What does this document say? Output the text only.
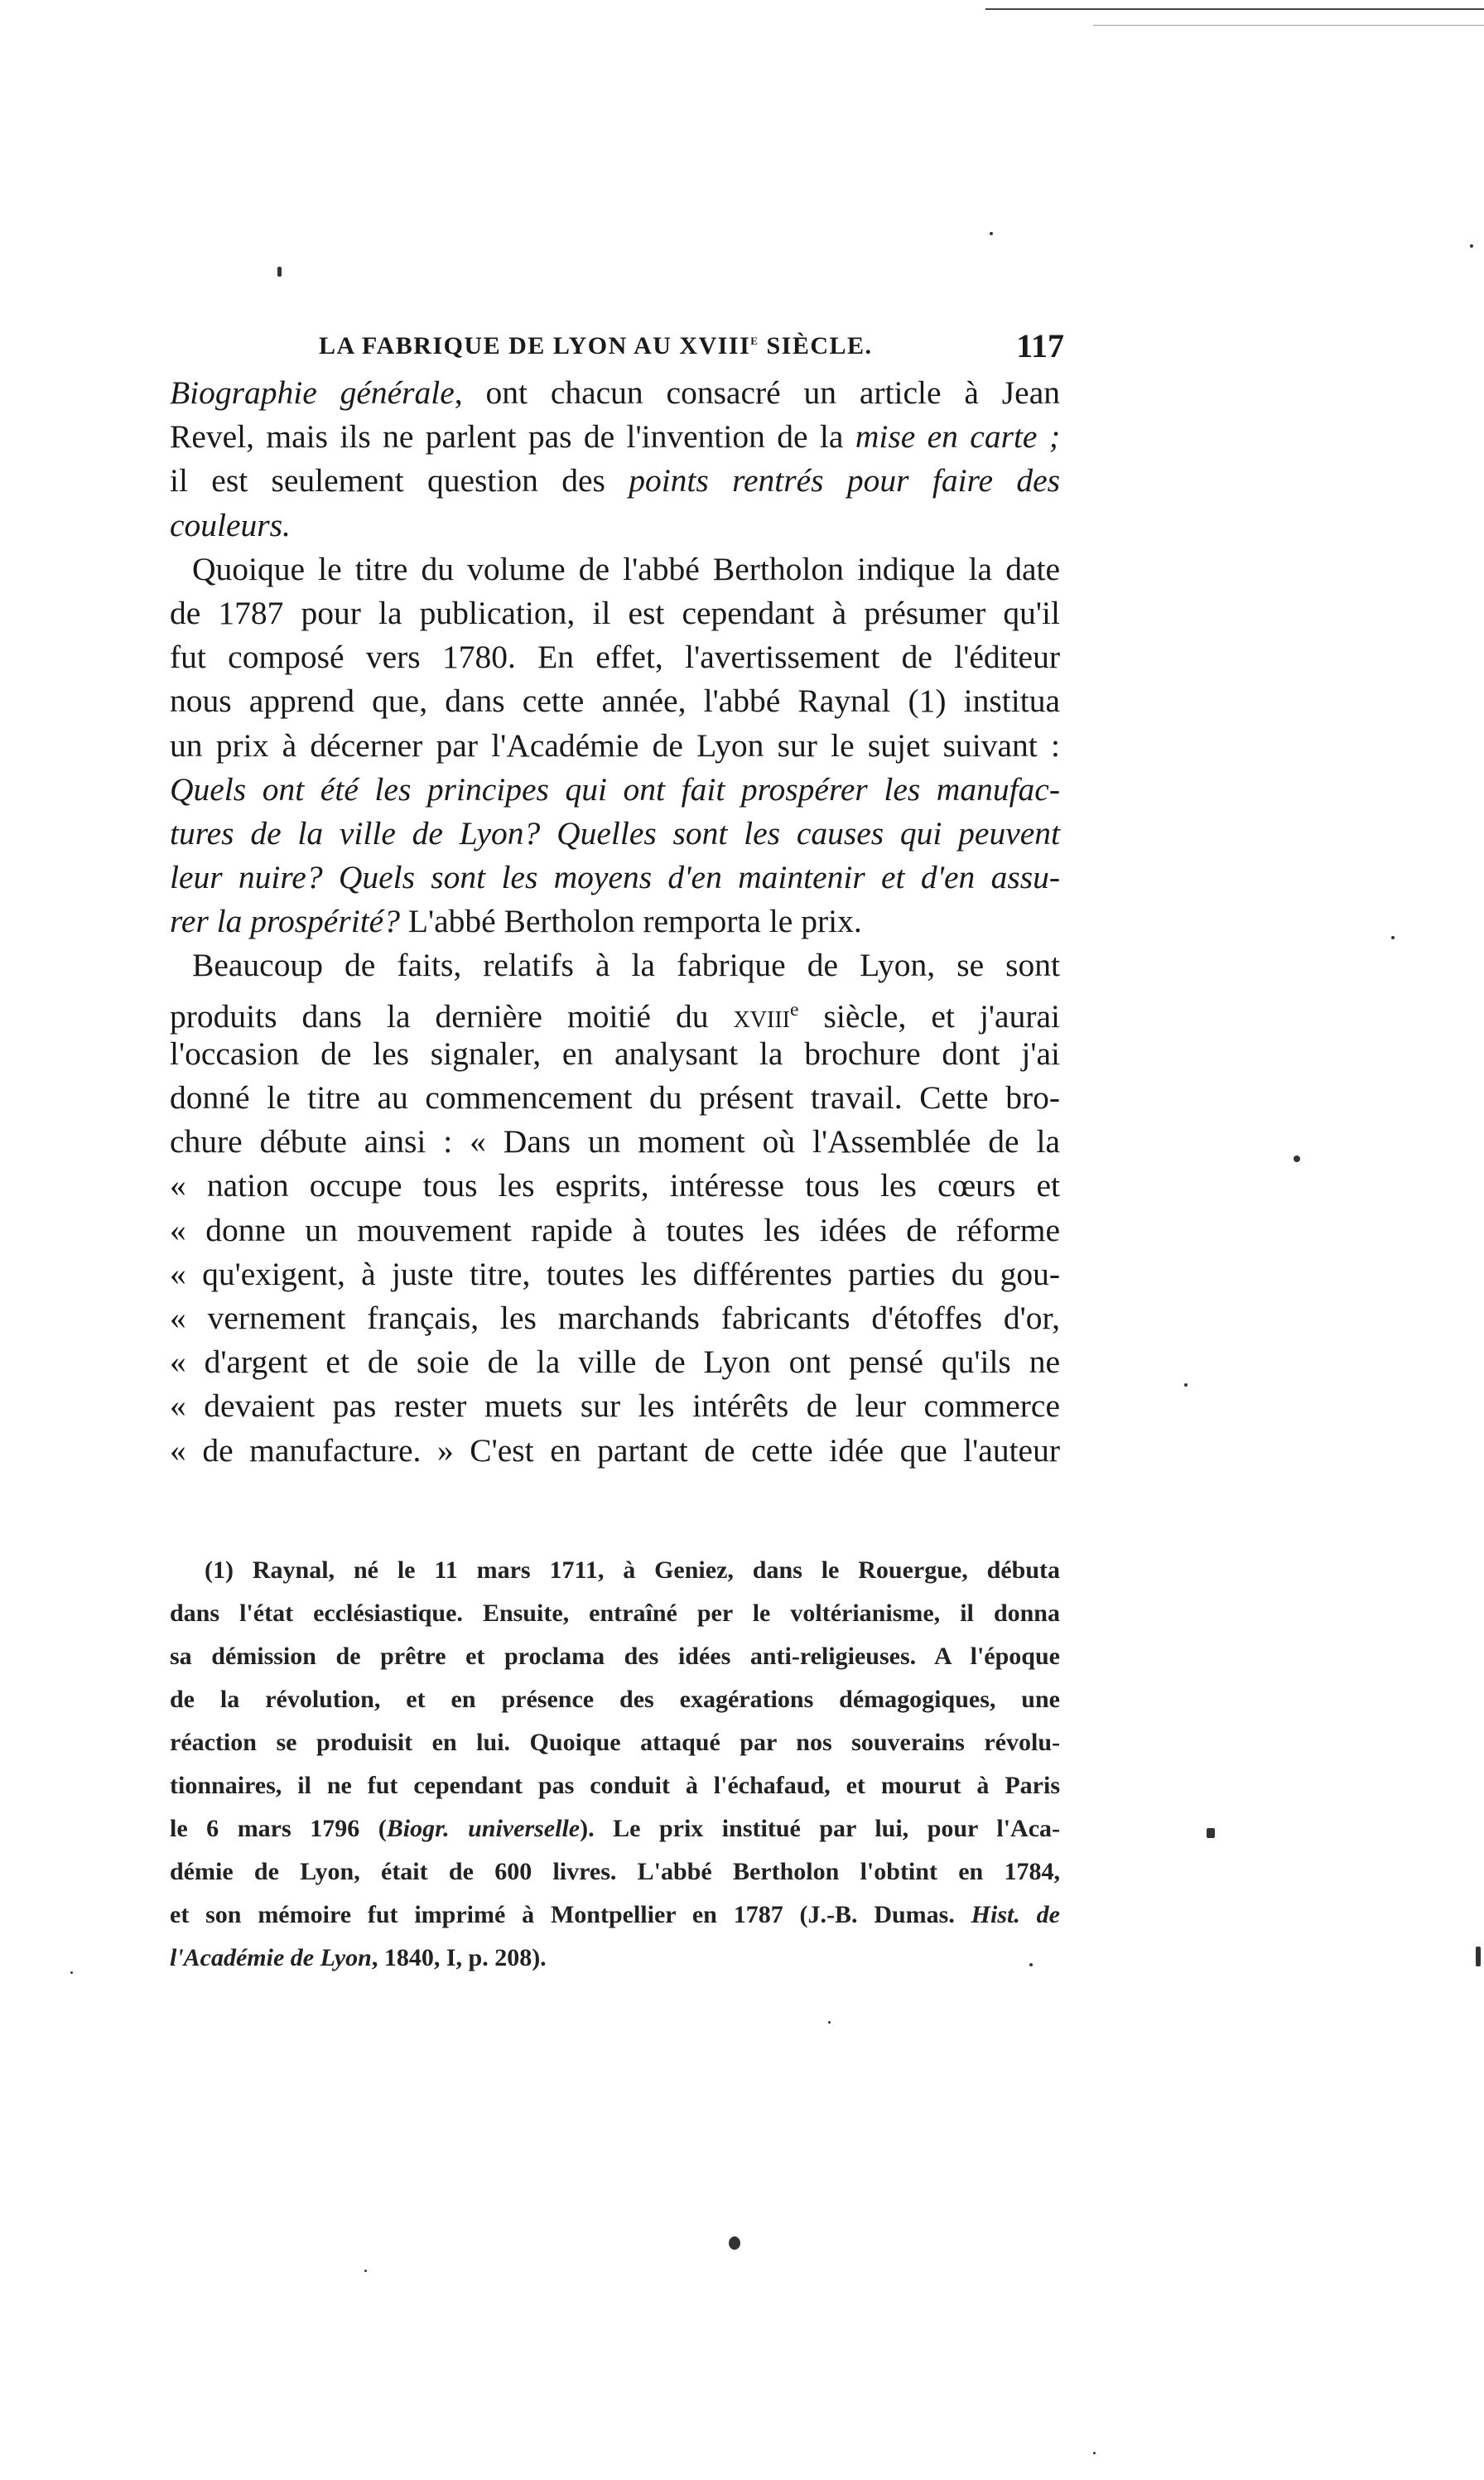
LA FABRIQUE DE LYON AU XVIIIe SIÈCLE.	117
Biographie générale, ont chacun consacré un article à Jean
Revel, mais ils ne parlent pas de l'invention de la mise en carte ;
il est seulement question des points rentrés pour faire des
couleurs.
Quoique le titre du volume de l'abbé Bertholon indique la date
de 1787 pour la publication, il est cependant à présumer qu'il
fut composé vers 1780. En effet, l'avertissement de l'éditeur
nous apprend que, dans cette année, l'abbé Raynal (1) institua
un prix à décerner par l'Académie de Lyon sur le sujet suivant :
Quels ont été les principes qui ont fait prospérer les manufac-
tures de la ville de Lyon? Quelles sont les causes qui peuvent
leur nuire? Quels sont les moyens d'en maintenir et d'en assu-
rer la prospérité? L'abbé Bertholon remporta le prix.
Beaucoup de faits, relatifs à la fabrique de Lyon, se sont
produits dans la dernière moitié du xviii$^e$ siècle, et j'aurai
l'occasion de les signaler, en analysant la brochure dont j'ai
donné le titre au commencement du présent travail. Cette bro-
chure débute ainsi : « Dans un moment où l'Assemblée de la
« nation occupe tous les esprits, intéresse tous les cœurs et
« donne un mouvement rapide à toutes les idées de réforme
« qu'exigent, à juste titre, toutes les différentes parties du gou-
« vernement français, les marchands fabricants d'étoffes d'or,
« d'argent et de soie de la ville de Lyon ont pensé qu'ils ne
« devaient pas rester muets sur les intérêts de leur commerce
« de manufacture. » C'est en partant de cette idée que l'auteur
(1) Raynal, né le 11 mars 1711, à Geniez, dans le Rouergue, débuta
dans l'état ecclésiastique. Ensuite, entraîné per le voltérianisme, il donna
sa démission de prêtre et proclama des idées anti-religieuses. A l'époque
de la révolution, et en présence des exagérations démagogiques, une
réaction se produisit en lui. Quoique attaqué par nos souverains révolu-
tionnaires, il ne fut cependant pas conduit à l'échafaud, et mourut à Paris
le 6 mars 1796 (Biogr. universelle). Le prix institué par lui, pour l'Aca-
démie de Lyon, était de 600 livres. L'abbé Bertholon l'obtint en 1784,
et son mémoire fut imprimé à Montpellier en 1787 (J.-B. Dumas. Hist. de
l'Académie de Lyon, 1840, I, p. 208).
